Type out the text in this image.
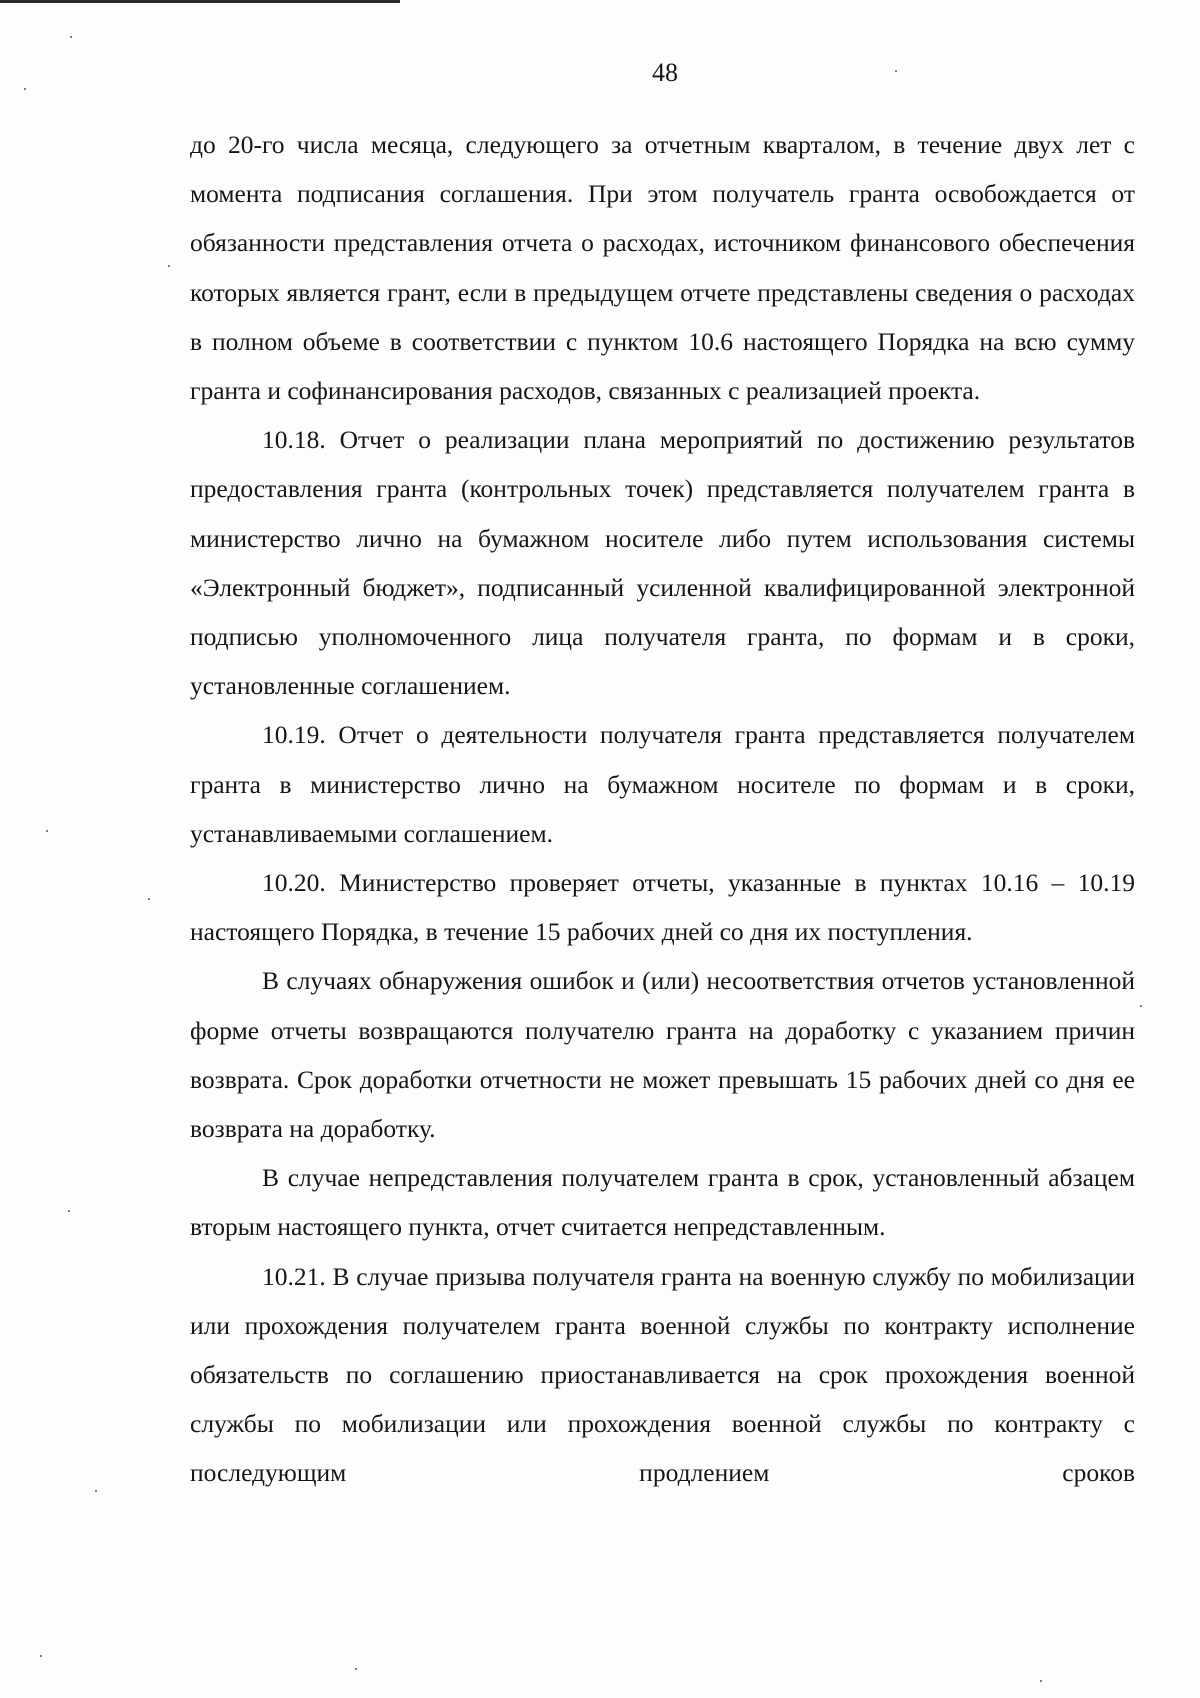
48

до 20-го числа месяца, следующего за отчетным кварталом, в течение двух лет с момента подписания соглашения. При этом получатель гранта освобождается от обязанности представления отчета о расходах, источником финансового обеспечения которых является грант, если в предыдущем отчете представлены сведения о расходах в полном объеме в соответствии с пунктом 10.6 настоящего Порядка на всю сумму гранта и софинансирования расходов, связанных с реализацией проекта.

10.18. Отчет о реализации плана мероприятий по достижению результатов предоставления гранта (контрольных точек) представляется получателем гранта в министерство лично на бумажном носителе либо путем использования системы «Электронный бюджет», подписанный усиленной квалифицированной электронной подписью уполномоченного лица получателя гранта, по формам и в сроки, установленные соглашением.

10.19. Отчет о деятельности получателя гранта представляется получателем гранта в министерство лично на бумажном носителе по формам и в сроки, устанавливаемыми соглашением.

10.20. Министерство проверяет отчеты, указанные в пунктах 10.16 – 10.19 настоящего Порядка, в течение 15 рабочих дней со дня их поступления.

В случаях обнаружения ошибок и (или) несоответствия отчетов установленной форме отчеты возвращаются получателю гранта на доработку с указанием причин возврата. Срок доработки отчетности не может превышать 15 рабочих дней со дня ее возврата на доработку.

В случае непредставления получателем гранта в срок, установленный абзацем вторым настоящего пункта, отчет считается непредставленным.

10.21. В случае призыва получателя гранта на военную службу по мобилизации или прохождения получателем гранта военной службы по контракту исполнение обязательств по соглашению приостанавливается на срок прохождения военной службы по мобилизации или прохождения военной службы по контракту с последующим продлением сроков
